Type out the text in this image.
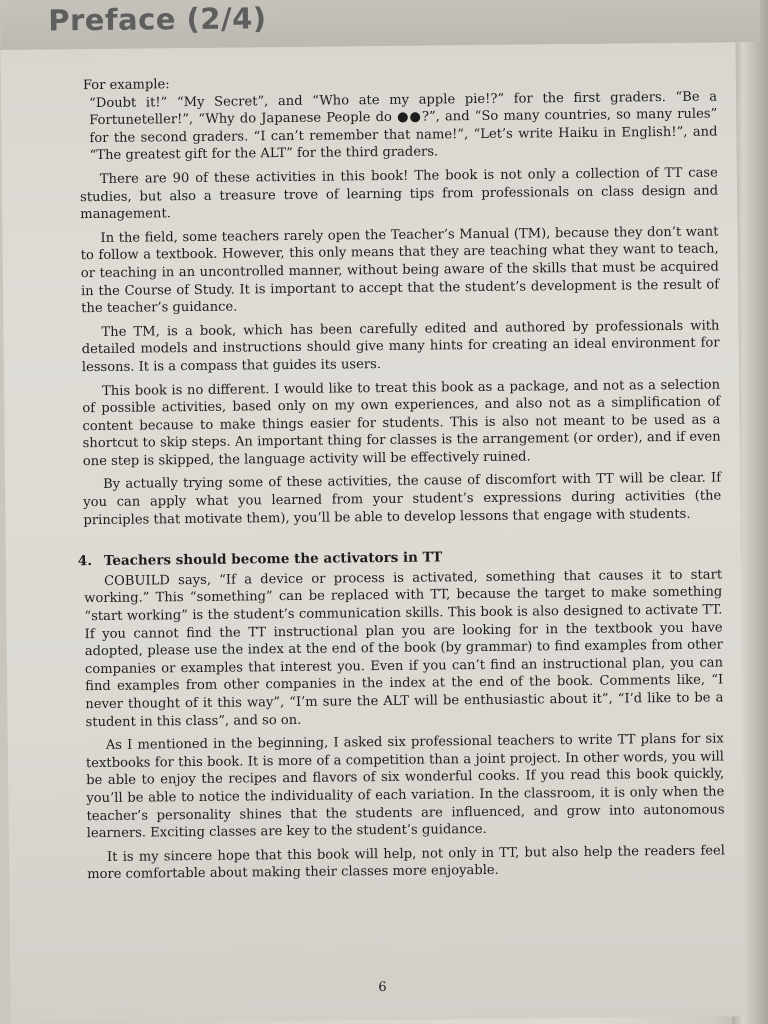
Preface (2/4)

For example:

“Doubt it!” “My Secret”, and “Who ate my apple pie!?” for the first graders. “Be a Fortuneteller!”, “Why do Japanese People do ●●?”, and “So many countries, so many rules” for the second graders. “I can’t remember that name!”, “Let’s write Haiku in English!”, and “The greatest gift for the ALT” for the third graders.

There are 90 of these activities in this book! The book is not only a collection of TT case studies, but also a treasure trove of learning tips from professionals on class design and management.

In the field, some teachers rarely open the Teacher’s Manual (TM), because they don’t want to follow a textbook. However, this only means that they are teaching what they want to teach, or teaching in an uncontrolled manner, without being aware of the skills that must be acquired in the Course of Study. It is important to accept that the student’s development is the result of the teacher’s guidance.

The TM, is a book, which has been carefully edited and authored by professionals with detailed models and instructions should give many hints for creating an ideal environment for lessons. It is a compass that guides its users.

This book is no different. I would like to treat this book as a package, and not as a selection of possible activities, based only on my own experiences, and also not as a simplification of content because to make things easier for students. This is also not meant to be used as a shortcut to skip steps. An important thing for classes is the arrangement (or order), and if even one step is skipped, the language activity will be effectively ruined.

By actually trying some of these activities, the cause of discomfort with TT will be clear. If you can apply what you learned from your student’s expressions during activities (the principles that motivate them), you’ll be able to develop lessons that engage with students.

4. Teachers should become the activators in TT

COBUILD says, “If a device or process is activated, something that causes it to start working.” This “something” can be replaced with TT, because the target to make something “start working” is the student’s communication skills. This book is also designed to activate TT. If you cannot find the TT instructional plan you are looking for in the textbook you have adopted, please use the index at the end of the book (by grammar) to find examples from other companies or examples that interest you. Even if you can’t find an instructional plan, you can find examples from other companies in the index at the end of the book. Comments like, “I never thought of it this way”, “I’m sure the ALT will be enthusiastic about it”, “I’d like to be a student in this class”, and so on.

As I mentioned in the beginning, I asked six professional teachers to write TT plans for six textbooks for this book. It is more of a competition than a joint project. In other words, you will be able to enjoy the recipes and flavors of six wonderful cooks. If you read this book quickly, you’ll be able to notice the individuality of each variation. In the classroom, it is only when the teacher’s personality shines that the students are influenced, and grow into autonomous learners. Exciting classes are key to the student’s guidance.

It is my sincere hope that this book will help, not only in TT, but also help the readers feel more comfortable about making their classes more enjoyable.

6
